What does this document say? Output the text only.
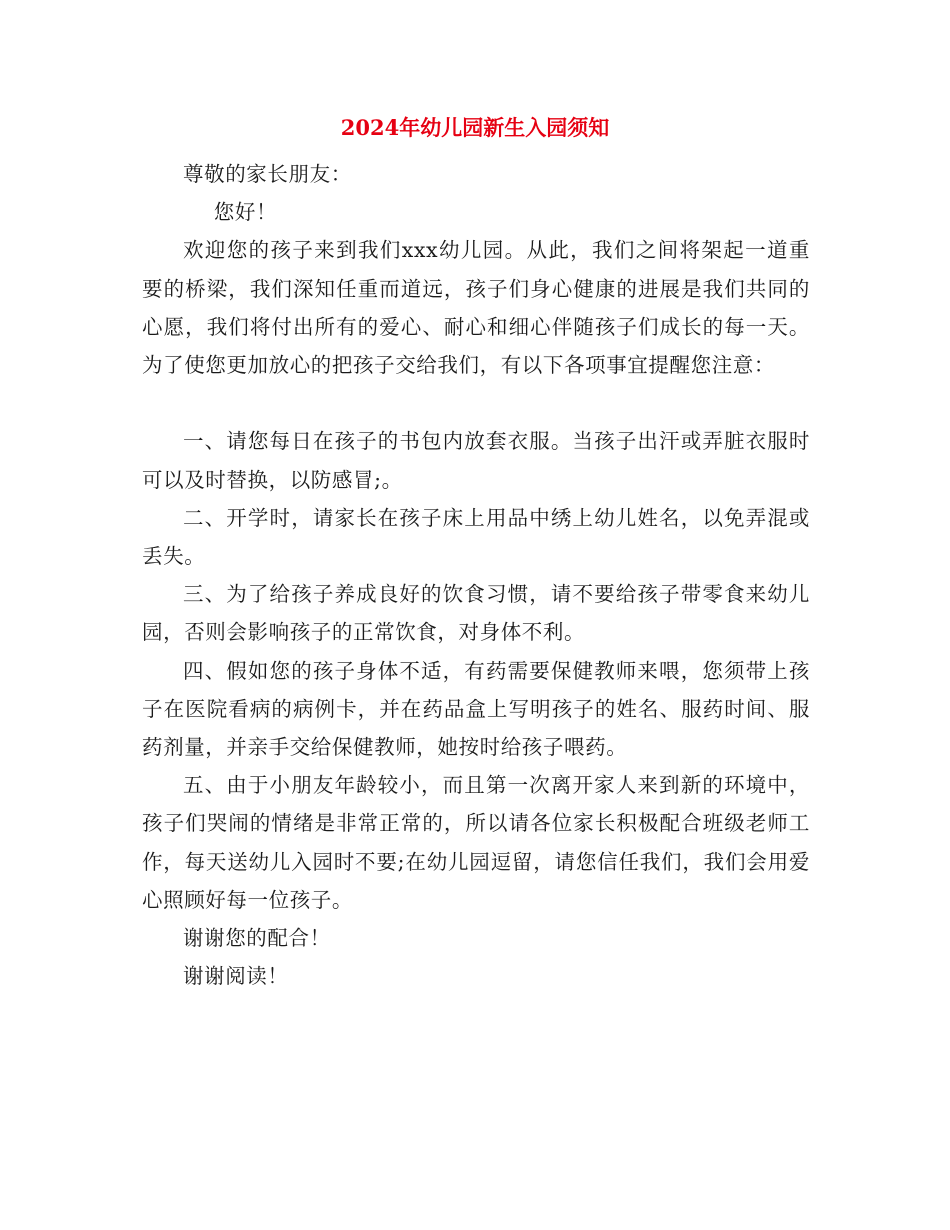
2024年幼儿园新生入园须知

尊敬的家长朋友：

您好！

欢迎您的孩子来到我们xxx幼儿园。从此，我们之间将架起一道重要的桥梁，我们深知任重而道远，孩子们身心健康的进展是我们共同的心愿，我们将付出所有的爱心、耐心和细心伴随孩子们成长的每一天。为了使您更加放心的把孩子交给我们，有以下各项事宜提醒您注意：

一、请您每日在孩子的书包内放套衣服。当孩子出汗或弄脏衣服时可以及时替换，以防感冒;。

二、开学时，请家长在孩子床上用品中绣上幼儿姓名，以免弄混或丢失。

三、为了给孩子养成良好的饮食习惯，请不要给孩子带零食来幼儿园，否则会影响孩子的正常饮食，对身体不利。

四、假如您的孩子身体不适，有药需要保健教师来喂，您须带上孩子在医院看病的病例卡，并在药品盒上写明孩子的姓名、服药时间、服药剂量，并亲手交给保健教师，她按时给孩子喂药。

五、由于小朋友年龄较小，而且第一次离开家人来到新的环境中，孩子们哭闹的情绪是非常正常的，所以请各位家长积极配合班级老师工作，每天送幼儿入园时不要;在幼儿园逗留，请您信任我们，我们会用爱心照顾好每一位孩子。

谢谢您的配合！

谢谢阅读！
